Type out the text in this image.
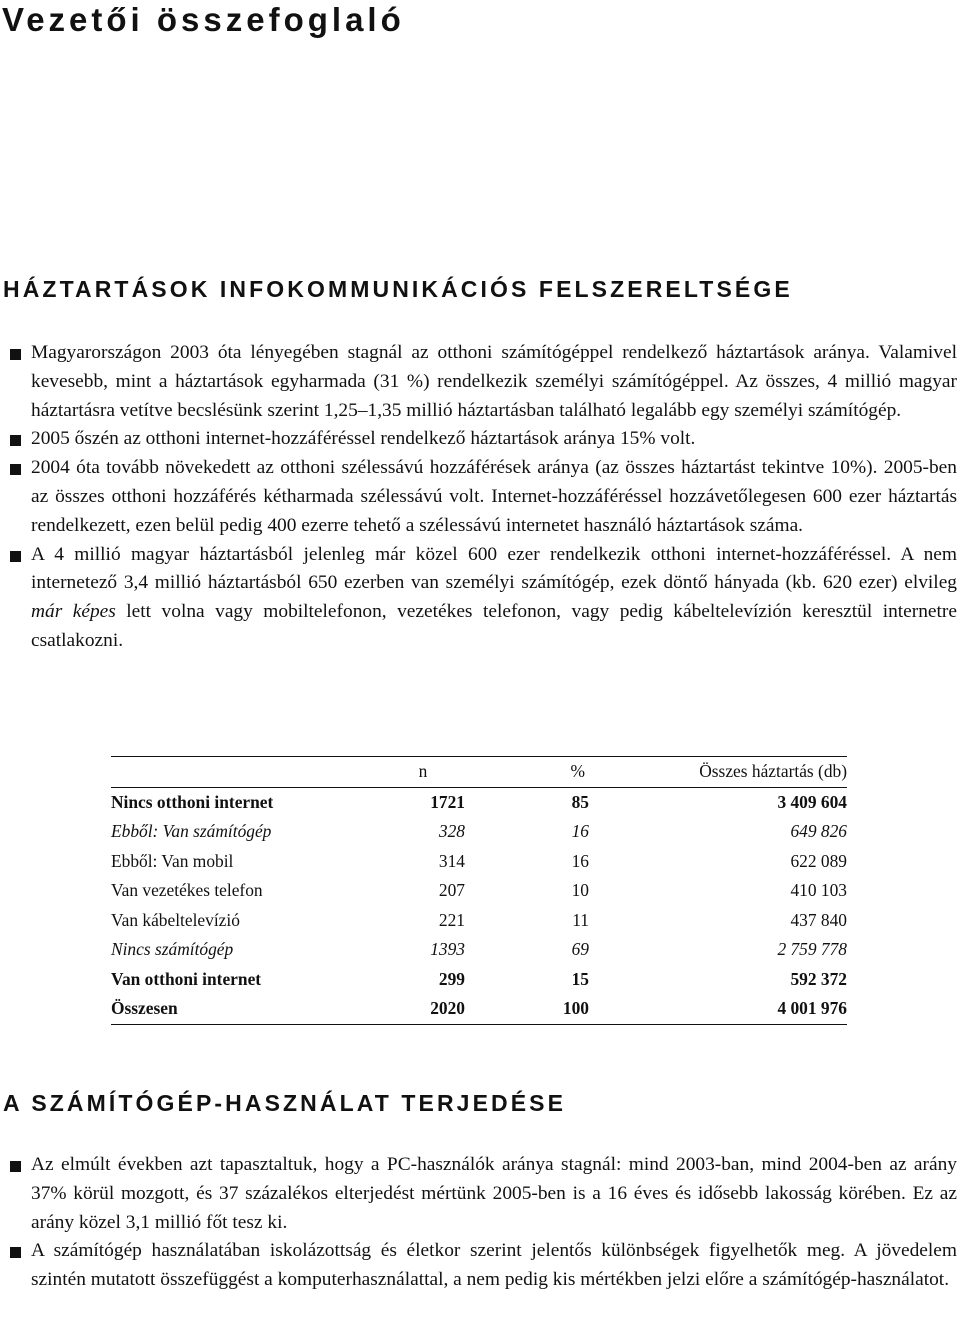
Vezetői összefoglaló
HÁZTARTÁSOK INFOKOMMUNIKÁCIÓS FELSZERELTSÉGE
Magyarországon 2003 óta lényegében stagnál az otthoni számítógéppel rendelkező háztartások aránya. Valamivel kevesebb, mint a háztartások egyharmada (31 %) rendelkezik személyi számítógéppel. Az összes, 4 millió magyar háztartásra vetítve becslésünk szerint 1,25–1,35 millió háztartásban található legalább egy személyi számítógép.
2005 őszén az otthoni internet-hozzáféréssel rendelkező háztartások aránya 15% volt.
2004 óta tovább növekedett az otthoni szélessávú hozzáférések aránya (az összes háztartást tekintve 10%). 2005-ben az összes otthoni hozzáférés kétharmada szélessávú volt. Internet-hozzáféréssel hozzávetőlegesen 600 ezer háztartás rendelkezett, ezen belül pedig 400 ezerre tehető a szélessávú internetet használó háztartások száma.
A 4 millió magyar háztartásból jelenleg már közel 600 ezer rendelkezik otthoni internet-hozzáféréssel. A nem internetező 3,4 millió háztartásból 650 ezerben van személyi számítógép, ezek döntő hányada (kb. 620 ezer) elvileg már képes lett volna vagy mobiltelefonon, vezetékes telefonon, vagy pedig kábeltelevízión keresztül internetre csatlakozni.
	n	%	Összes háztartás (db)
Nincs otthoni internet	1721	85	3 409 604
Ebből: Van számítógép	328	16	649 826
Ebből: Van mobil	314	16	622 089
Van vezetékes telefon	207	10	410 103
Van kábeltelevízió	221	11	437 840
Nincs számítógép	1393	69	2 759 778
Van otthoni internet	299	15	592 372
Összesen	2020	100	4 001 976
A SZÁMÍTÓGÉP-HASZNÁLAT TERJEDÉSE
Az elmúlt években azt tapasztaltuk, hogy a PC-használók aránya stagnál: mind 2003-ban, mind 2004-ben az arány 37% körül mozgott, és 37 százalékos elterjedést mértünk 2005-ben is a 16 éves és idősebb lakosság körében. Ez az arány közel 3,1 millió főt tesz ki.
A számítógép használatában iskolázottság és életkor szerint jelentős különbségek figyelhetők meg. A jövedelem szintén mutatott összefüggést a komputerhasználattal, a nem pedig kis mértékben jelzi előre a számítógép-használatot.
